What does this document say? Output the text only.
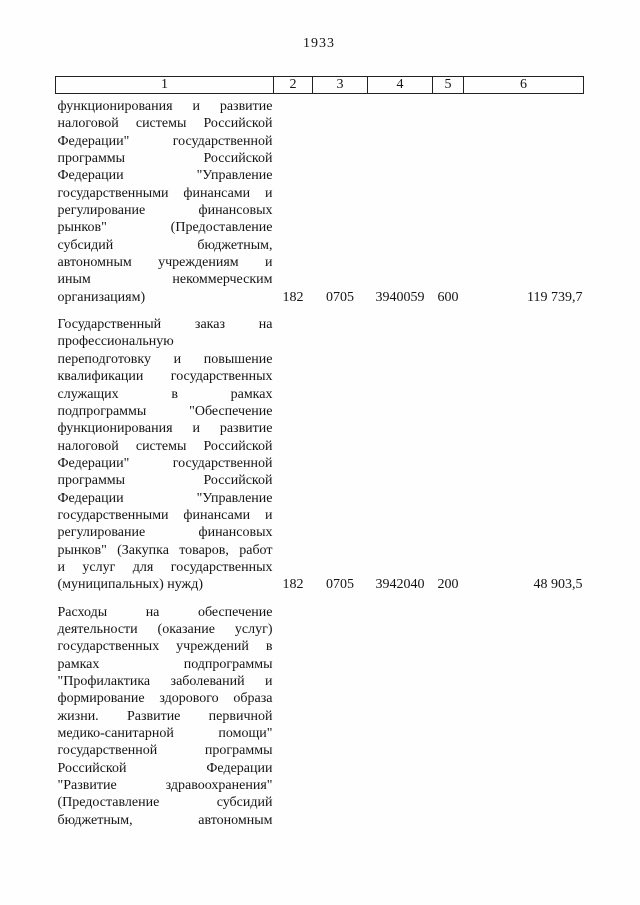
1933
1	2	3	4	5	6

функционирования и развитие
налоговой системы Российской
Федерации" государственной
программы Российской
Федерации "Управление
государственными финансами и
регулирование финансовых
рынков" (Предоставление
субсидий бюджетным,
автономным учреждениям и
иным некоммерческим
организациям)	182	0705	3940059	600	119 739,7

Государственный заказ на
профессиональную
переподготовку и повышение
квалификации государственных
служащих в рамках
подпрограммы "Обеспечение
функционирования и развитие
налоговой системы Российской
Федерации" государственной
программы Российской
Федерации "Управление
государственными финансами и
регулирование финансовых
рынков" (Закупка товаров, работ
и услуг для государственных
(муниципальных) нужд)	182	0705	3942040	200	48 903,5

Расходы на обеспечение
деятельности (оказание услуг)
государственных учреждений в
рамках подпрограммы
"Профилактика заболеваний и
формирование здорового образа
жизни. Развитие первичной
медико-санитарной помощи"
государственной программы
Российской Федерации
"Развитие здравоохранения"
(Предоставление субсидий
бюджетным, автономным
